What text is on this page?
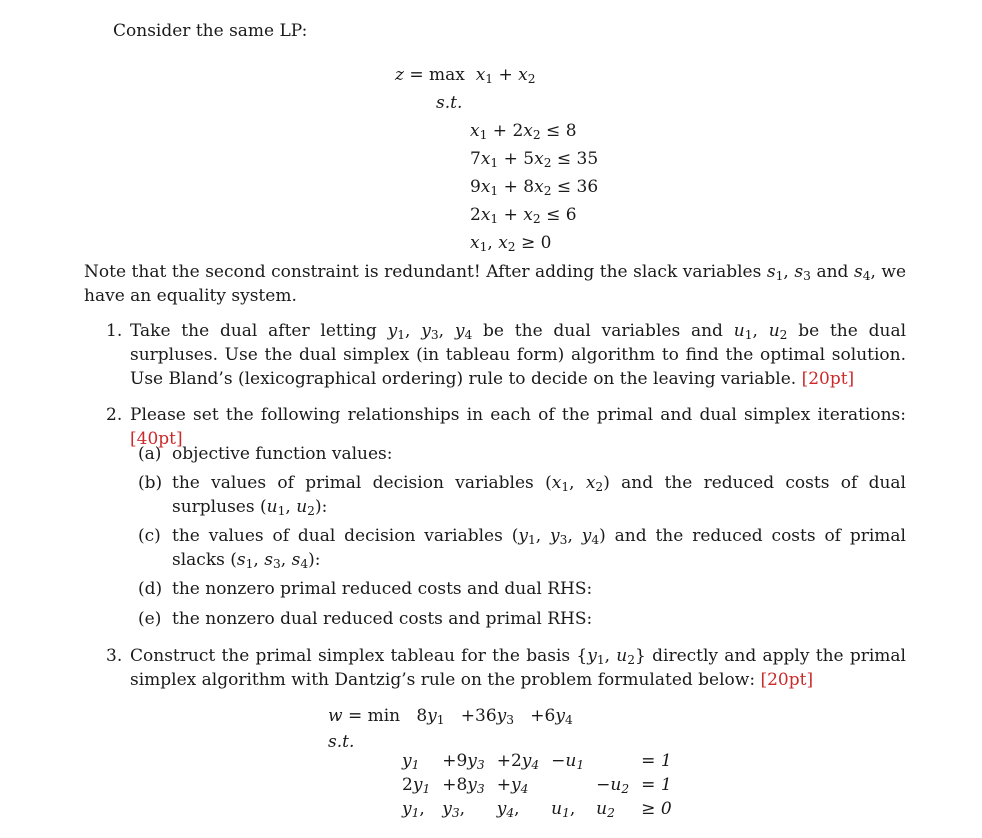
Consider the same LP:
$z = \max x_1 + x_2$
s.t.
$x_1 + 2x_2 \le 8$
$7x_1 + 5x_2 \le 35$
$9x_1 + 8x_2 \le 36$
$2x_1 + x_2 \le 6$
$x_1$, $x_2 \ge 0$
Note that the second constraint is redundant! After adding the slack variables $s_1$, $s_3$ and $s_4$, we have an equality system.
1. Take the dual after letting $y_1$, $y_3$, $y_4$ be the dual variables and $u_1$, $u_2$ be the dual surpluses. Use the dual simplex (in tableau form) algorithm to find the optimal solution. Use Bland’s (lexicographical ordering) rule to decide on the leaving variable. [20pt]
2. Please set the following relationships in each of the primal and dual simplex iterations: [40pt]
(a) objective function values:
(b) the values of primal decision variables ($x_1$, $x_2$) and the reduced costs of dual surpluses ($u_1$, $u_2$):
(c) the values of dual decision variables ($y_1$, $y_3$, $y_4$) and the reduced costs of primal slacks ($s_1$, $s_3$, $s_4$):
(d) the nonzero primal reduced costs and dual RHS:
(e) the nonzero dual reduced costs and primal RHS:
3. Construct the primal simplex tableau for the basis {$y_1$, $u_2$} directly and apply the primal simplex algorithm with Dantzig’s rule on the problem formulated below: [20pt]
$w = \min 8y_1 +36y_3 +6y_4$
s.t.
$y_1$	$+9y_3$	$+2y_4$	$-u_1$		= 1
$2y_1$	$+8y_3$	$+y_4$		$-u_2$	= 1
$y_1$,	$y_3$,	$y_4$,	$u_1$,	$u_2$	≥ 0
